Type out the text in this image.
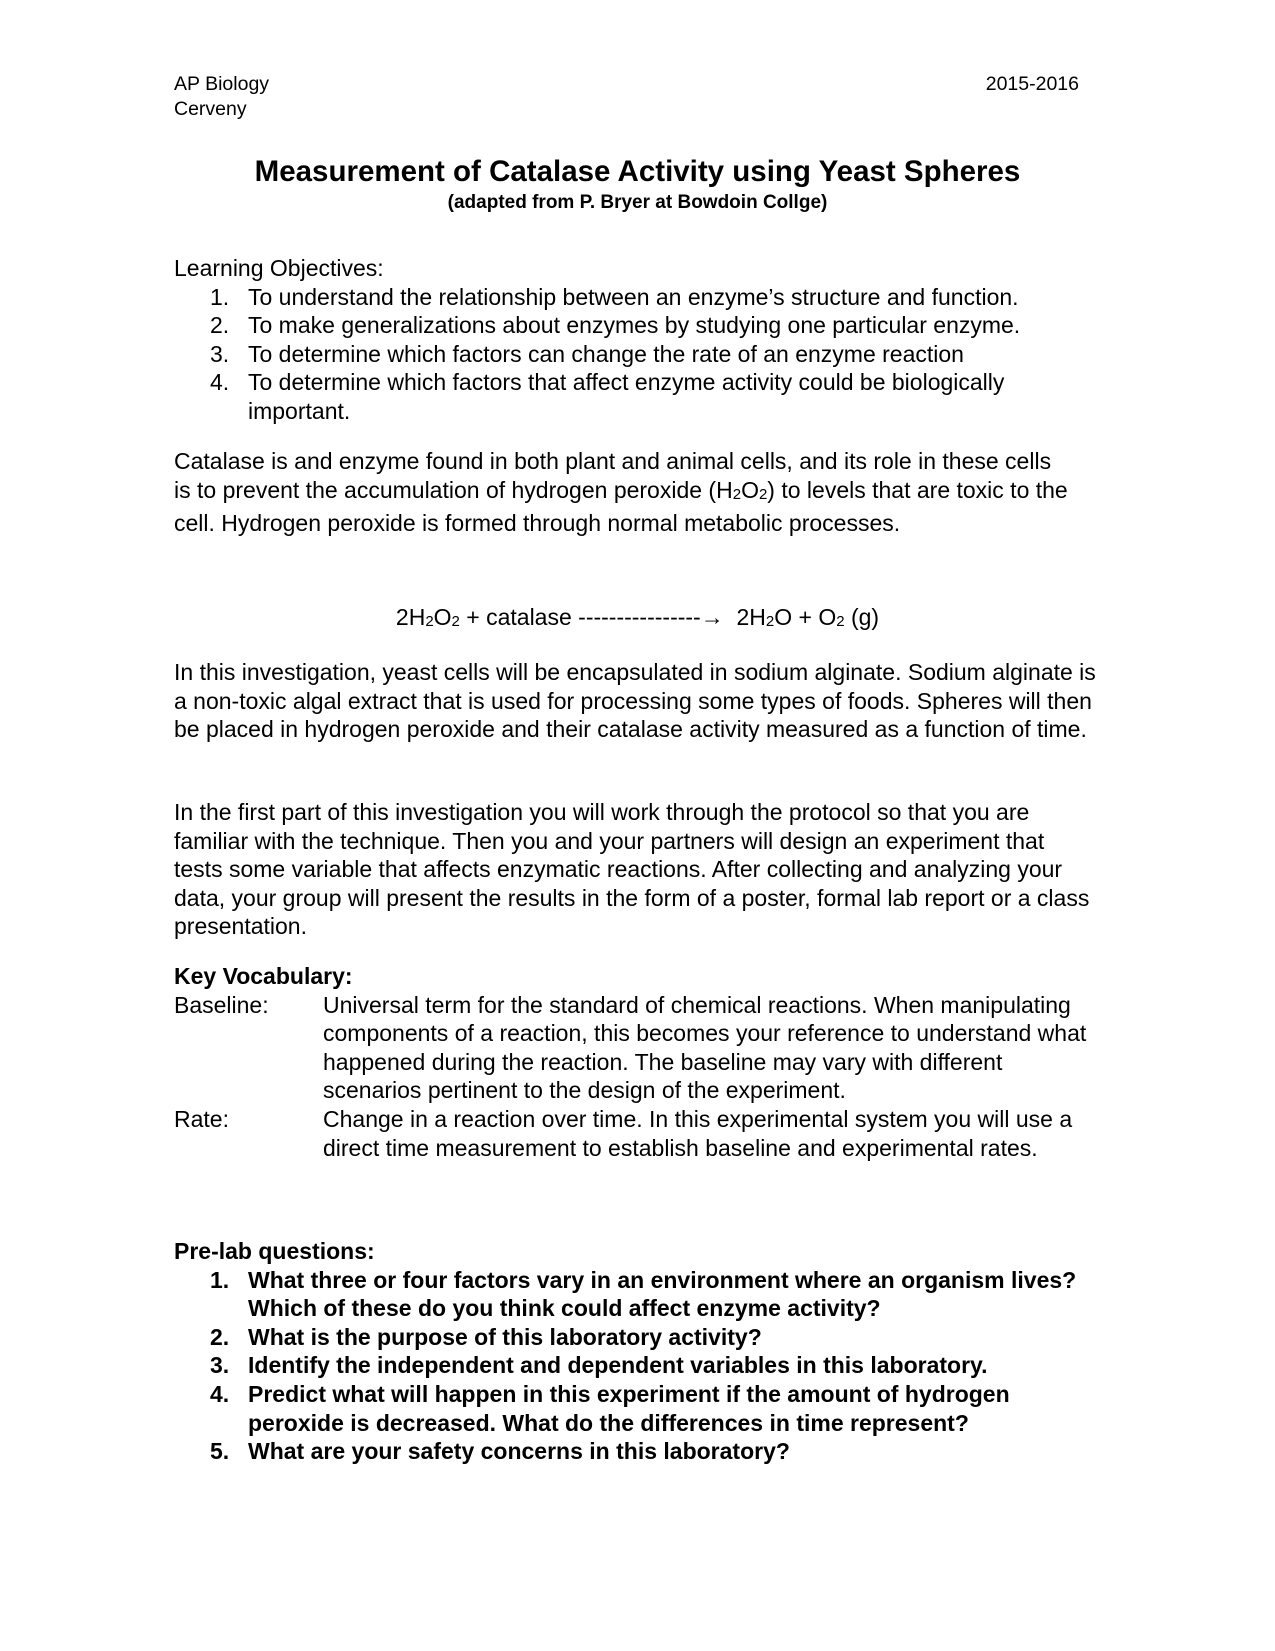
AP Biology
Cerveny
2015-2016
Measurement of Catalase Activity using Yeast Spheres
(adapted from P. Bryer at Bowdoin Collge)
Learning Objectives:
1. To understand the relationship between an enzyme’s structure and function.
2. To make generalizations about enzymes by studying one particular enzyme.
3. To determine which factors can change the rate of an enzyme reaction
4. To determine which factors that affect enzyme activity could be biologically important.
Catalase is and enzyme found in both plant and animal cells, and its role in these cells is to prevent the accumulation of hydrogen peroxide $(H_2O_2)$ to levels that are toxic to the cell. Hydrogen peroxide is formed through normal metabolic processes.
$2H_2O_2$ + catalase ----------------→  $2H_2O + O_2$ (g)
In this investigation, yeast cells will be encapsulated in sodium alginate. Sodium alginate is a non-toxic algal extract that is used for processing some types of foods. Spheres will then be placed in hydrogen peroxide and their catalase activity measured as a function of time.
In the first part of this investigation you will work through the protocol so that you are familiar with the technique. Then you and your partners will design an experiment that tests some variable that affects enzymatic reactions. After collecting and analyzing your data, your group will present the results in the form of a poster, formal lab report or a class presentation.
Key Vocabulary:
Baseline: Universal term for the standard of chemical reactions. When manipulating components of a reaction, this becomes your reference to understand what happened during the reaction. The baseline may vary with different scenarios pertinent to the design of the experiment.
Rate:	Change in a reaction over time. In this experimental system you will use a direct time measurement to establish baseline and experimental rates.
Pre-lab questions:
1. What three or four factors vary in an environment where an organism lives? Which of these do you think could affect enzyme activity?
2. What is the purpose of this laboratory activity?
3. Identify the independent and dependent variables in this laboratory.
4. Predict what will happen in this experiment if the amount of hydrogen peroxide is decreased. What do the differences in time represent?
5. What are your safety concerns in this laboratory?
